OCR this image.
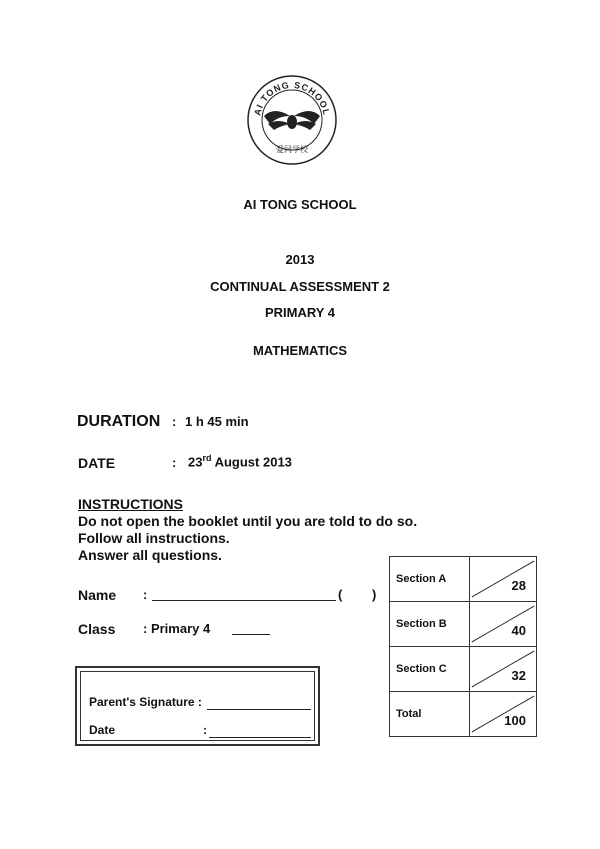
AI TONG SCHOOL
爱同学校
AI TONG SCHOOL
2013
CONTINUAL ASSESSMENT 2
PRIMARY 4
MATHEMATICS
DURATION : 1 h 45 min
DATE	: 23rd August 2013
INSTRUCTIONS
Do not open the booklet until you are told to do so.
Follow all instructions.
Answer all questions.
Name :	( )
Class : Primary 4
Parent's Signature :
Date	:
Section A	28

Section B	40

Section C	32

Total	100
